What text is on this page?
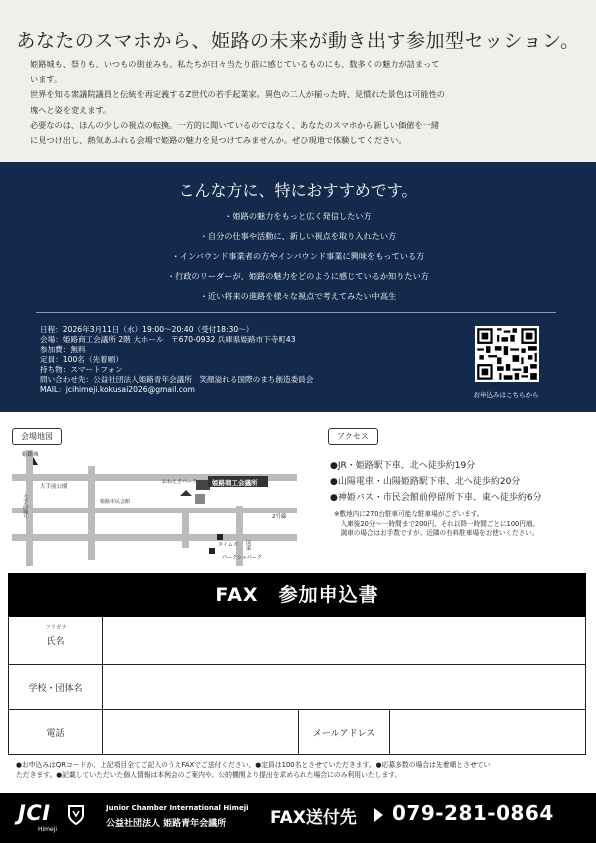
あなたのスマホから、姫路の未来が動き出す参加型セッション。

姫路城も、祭りも、いつもの街並みも。私たちが日々当たり前に感じているものにも、数多くの魅力が詰まって

います。

世界を知る衆議院議員と伝統を再定義するZ世代の若手起業家。異色の二人が揃った時、見慣れた景色は可能性の

塊へと姿を変えます。

必要なのは、ほんの少しの視点の転換。一方的に聞いているのではなく、あなたのスマホから新しい価値を一緒

に見つけ出し、熱気あふれる会場で姫路の魅力を見つけてみませんか。ぜひ現地で体験してください。

こんな方に、特におすすめです。
・姫路の魅力をもっと広く発信したい方
・自分の仕事や活動に、新しい視点を取り入れたい方
・インバウンド事業者の方やインバウンド事業に興味をもっている方
・行政のリーダーが、姫路の魅力をどのように感じているか知りたい方
・近い将来の進路を様々な視点で考えてみたい中高生
日程：2026年3月11日（水）19:00〜20:40（受付18:30〜）
会場：姫路商工会議所 2階 大ホール　〒670-0932 兵庫県姫路市下寺町43
参加費：無料
定員：100名（先着順）
持ち物：スマートフォン
問い合わせ先：公益社団法人姫路青年会議所　笑顔溢れる国際のまち創造委員会
MAIL：jcihimeji.kokusai2026@gmail.com
お申込みはこちらから
会場地図
姫路城
大手前公園
大手前通り	姫路市民会館
おねえさパーク 姫路商工会議所
2号線
タイムズ
パークシャパーク
国道
アクセス
●JR・姫路駅下車、北へ徒歩約19分
●山陽電車・山陽姫路駅下車、北へ徒歩約20分
●神姫バス・市民会館前停留所下車、東へ徒歩約6分
※敷地内に270台駐車可能な駐車場がございます。
　入庫後20分〜一時間まで200円、それ以降一時間ごとに100円増。
　満車の場合はお手数ですが、近隣の有料駐車場をお使いください。
FAX　参加申込書
フリガナ
氏名
学校・団体名
電話	メールアドレス
●お申込みはQRコードか、上記項目全てご記入のうえFAXでご送付ください。●定員は100名とさせていただきます。●応募多数の場合は先着順とさせてい
ただきます。●記載していただいた個人情報は本例会のご案内や、公的機関より提出を求められた場合にのみ利用いたします。
JCI
Himeji
Junior Chamber International Himeji
公益社団法人 姫路青年会議所	FAX送付先 079-281-0864
